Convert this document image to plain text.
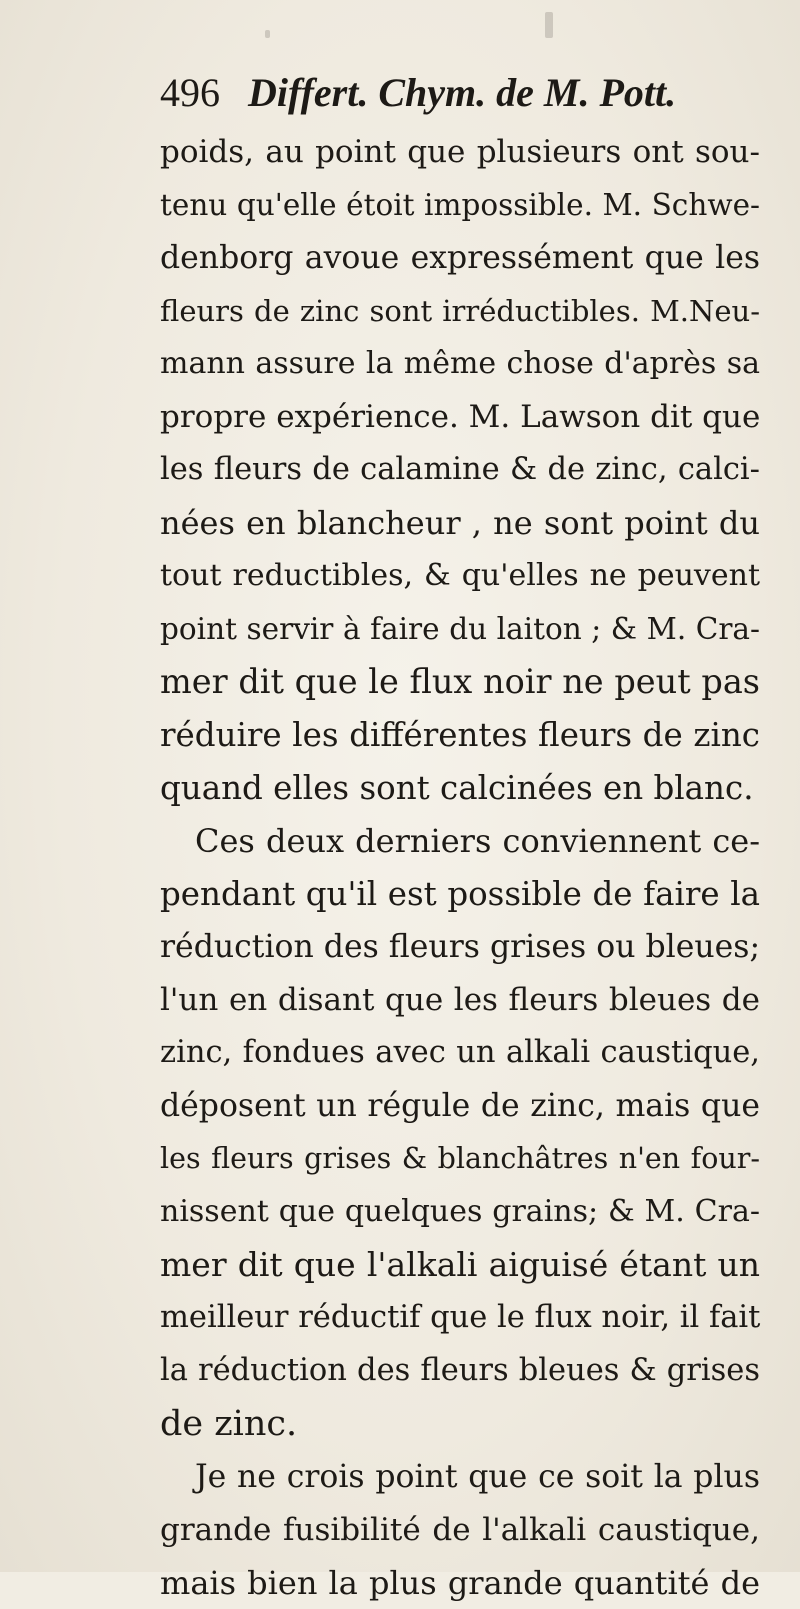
496 Differt. Chym. de M. Pott.
poids, au point que plusieurs ont sou-
tenu qu'elle étoit impossible. M. Schwe-
denborg avoue expressément que les
fleurs de zinc sont irréductibles. M.Neu-
mann assure la même chose d'après sa
propre expérience. M. Lawson dit que
les fleurs de calamine & de zinc, calci-
nées en blancheur , ne sont point du
tout reductibles, & qu'elles ne peuvent
point servir à faire du laiton ; & M. Cra-
mer dit que le flux noir ne peut pas
réduire les différentes fleurs de zinc
quand elles sont calcinées en blanc.
Ces deux derniers conviennent ce-
pendant qu'il est possible de faire la
réduction des fleurs grises ou bleues;
l'un en disant que les fleurs bleues de
zinc, fondues avec un alkali caustique,
déposent un régule de zinc, mais que
les fleurs grises & blanchâtres n'en four-
nissent que quelques grains; & M. Cra-
mer dit que l'alkali aiguisé étant un
meilleur réductif que le flux noir, il fait
la réduction des fleurs bleues & grises
de zinc.
Je ne crois point que ce soit la plus
grande fusibilité de l'alkali caustique,
mais bien la plus grande quantité de
